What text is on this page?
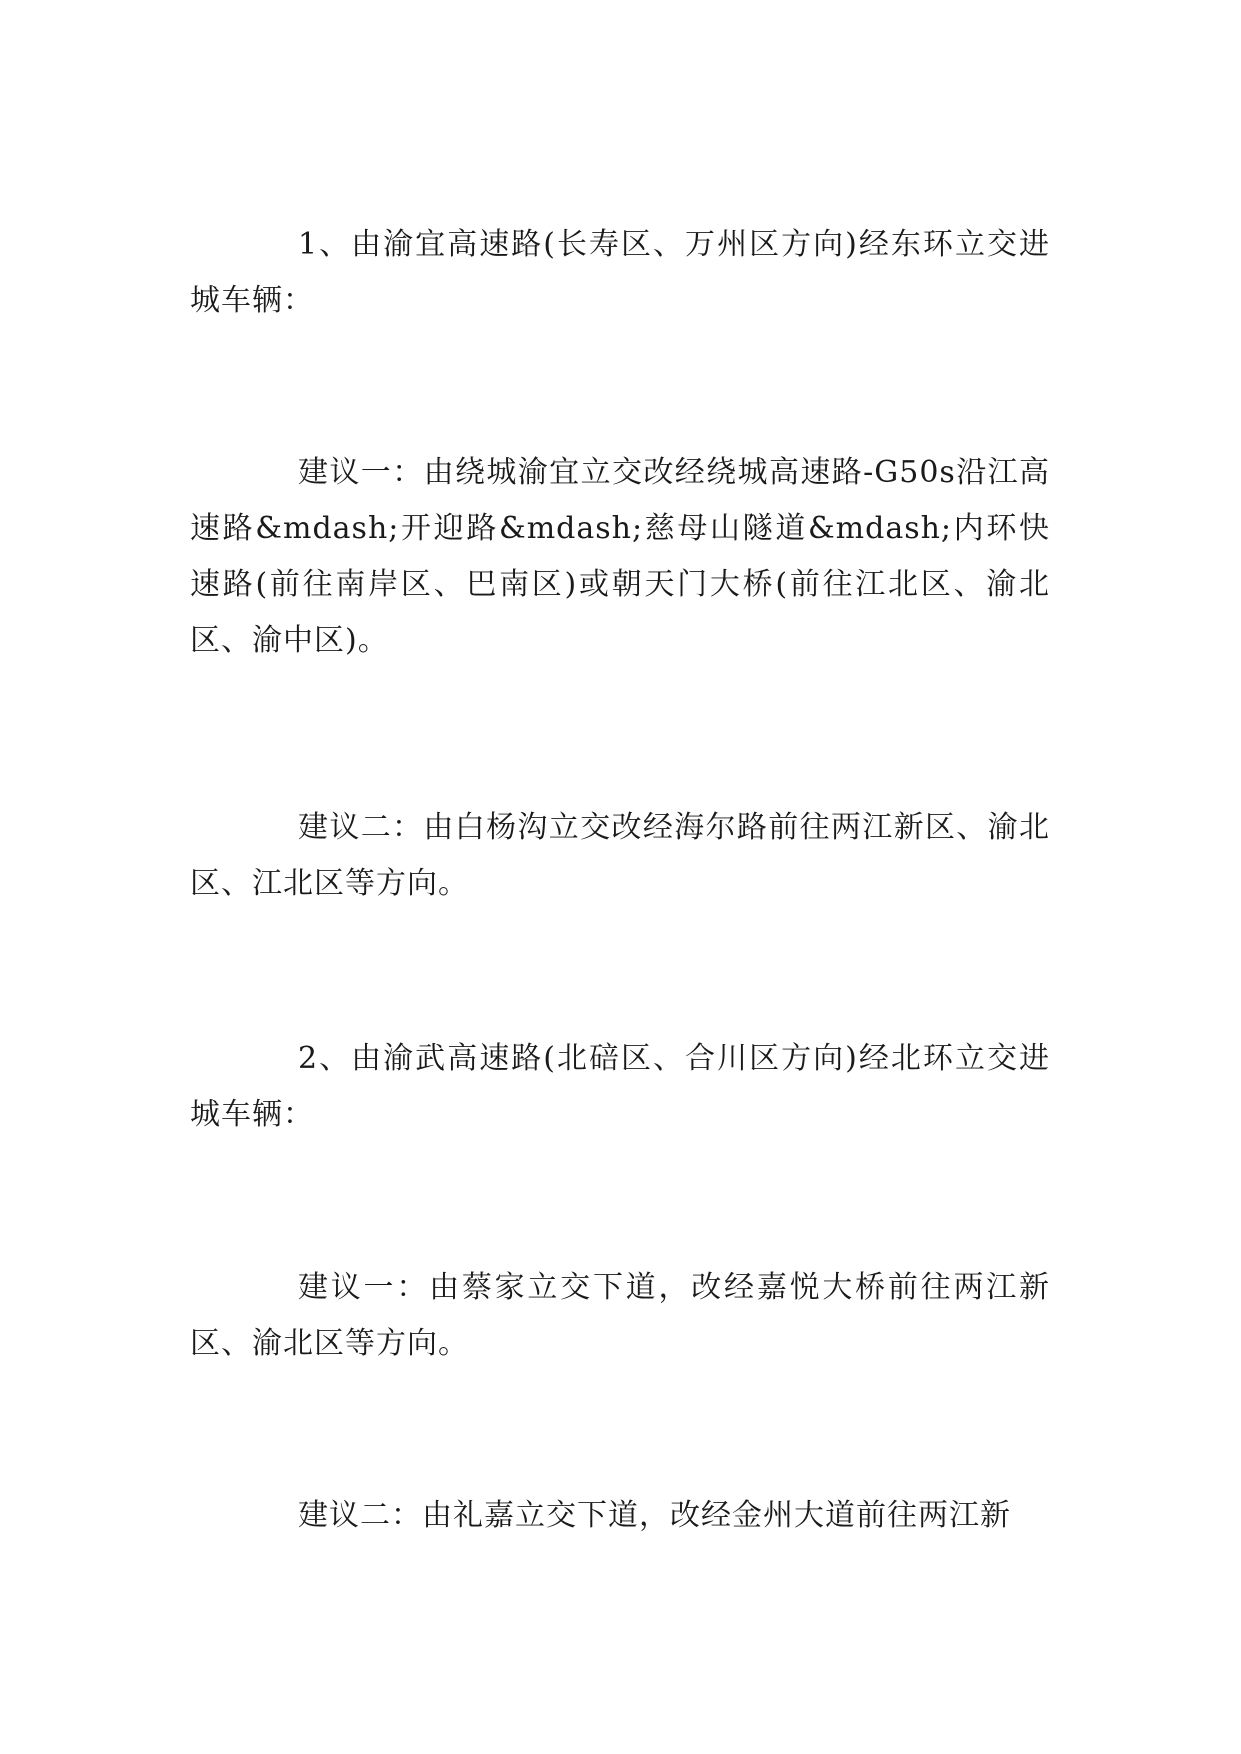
1、由渝宜高速路(长寿区、万州区方向)经东环立交进城车辆：

建议一：由绕城渝宜立交改经绕城高速路-G50s沿江高速路&mdash;开迎路&mdash;慈母山隧道&mdash;内环快速路(前往南岸区、巴南区)或朝天门大桥(前往江北区、渝北区、渝中区)。

建议二：由白杨沟立交改经海尔路前往两江新区、渝北区、江北区等方向。

2、由渝武高速路(北碚区、合川区方向)经北环立交进城车辆：

建议一：由蔡家立交下道，改经嘉悦大桥前往两江新区、渝北区等方向。

建议二：由礼嘉立交下道，改经金州大道前往两江新
